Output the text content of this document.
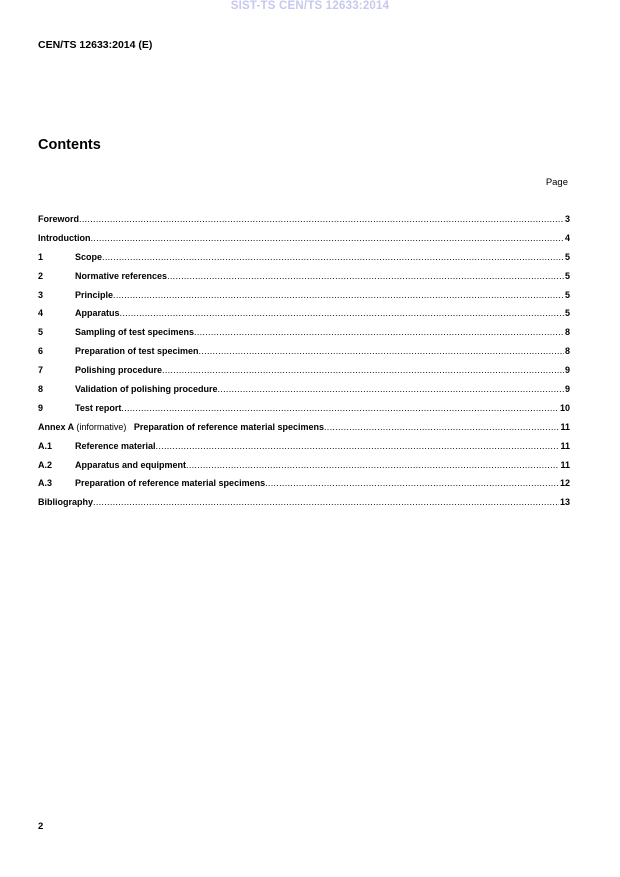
SIST-TS CEN/TS 12633:2014
CEN/TS 12633:2014 (E)
Contents
Page
Foreword .....	3
Introduction .....	4
1	Scope .....	5
2	Normative references .....	5
3	Principle .....	5
4	Apparatus .....	5
5	Sampling of test specimens .....	8
6	Preparation of test specimen .....	8
7	Polishing procedure .....	9
8	Validation of polishing procedure .....	9
9	Test report .....	10
Annex A (informative) Preparation of reference material specimens .....	11
A.1	Reference material .....	11
A.2	Apparatus and equipment .....	11
A.3	Preparation of reference material specimens .....	12
Bibliography .....	13
2
